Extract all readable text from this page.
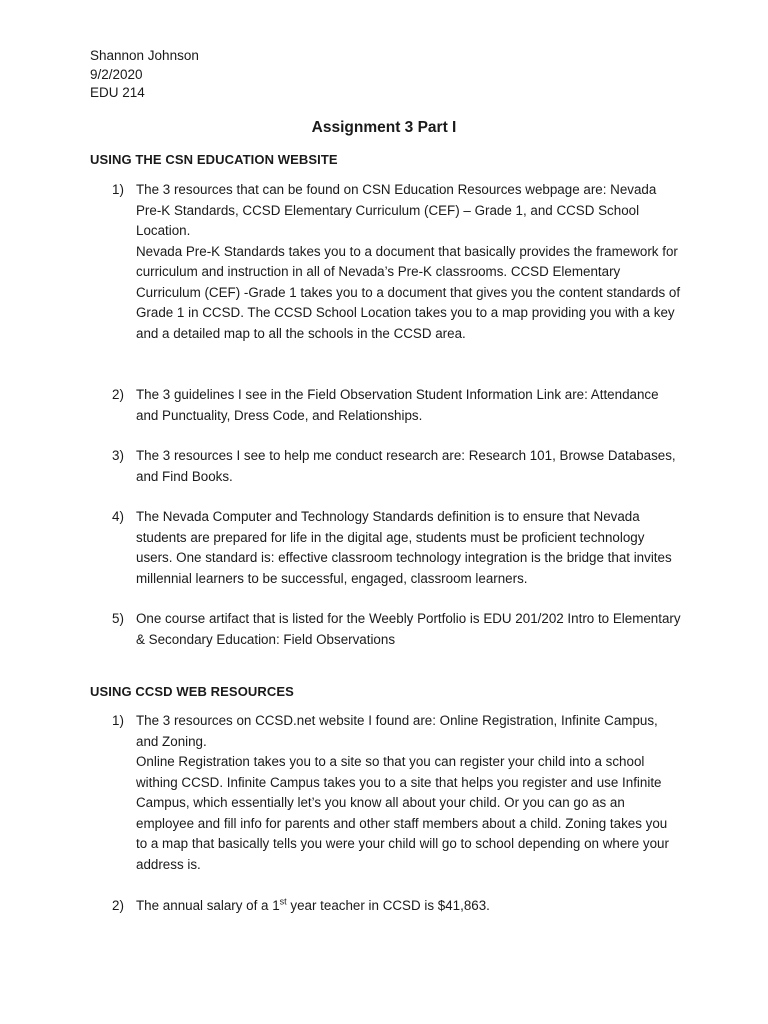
Shannon Johnson
9/2/2020
EDU 214
Assignment 3 Part I
USING THE CSN EDUCATION WEBSITE
1) The 3 resources that can be found on CSN Education Resources webpage are: Nevada Pre-K Standards, CCSD Elementary Curriculum (CEF) – Grade 1, and CCSD School Location.

Nevada Pre-K Standards takes you to a document that basically provides the framework for curriculum and instruction in all of Nevada’s Pre-K classrooms. CCSD Elementary Curriculum (CEF) -Grade 1 takes you to a document that gives you the content standards of Grade 1 in CCSD. The CCSD School Location takes you to a map providing you with a key and a detailed map to all the schools in the CCSD area.

2) The 3 guidelines I see in the Field Observation Student Information Link are: Attendance and Punctuality, Dress Code, and Relationships.

3) The 3 resources I see to help me conduct research are: Research 101, Browse Databases, and Find Books.

4) The Nevada Computer and Technology Standards definition is to ensure that Nevada students are prepared for life in the digital age, students must be proficient technology users. One standard is: effective classroom technology integration is the bridge that invites millennial learners to be successful, engaged, classroom learners.

5) One course artifact that is listed for the Weebly Portfolio is EDU 201/202 Intro to Elementary & Secondary Education: Field Observations

USING CCSD WEB RESOURCES
1) The 3 resources on CCSD.net website I found are: Online Registration, Infinite Campus, and Zoning.

Online Registration takes you to a site so that you can register your child into a school withing CCSD. Infinite Campus takes you to a site that helps you register and use Infinite Campus, which essentially let’s you know all about your child. Or you can go as an employee and fill info for parents and other staff members about a child. Zoning takes you to a map that basically tells you were your child will go to school depending on where your address is.

2) The annual salary of a 1st year teacher in CCSD is $41,863.
